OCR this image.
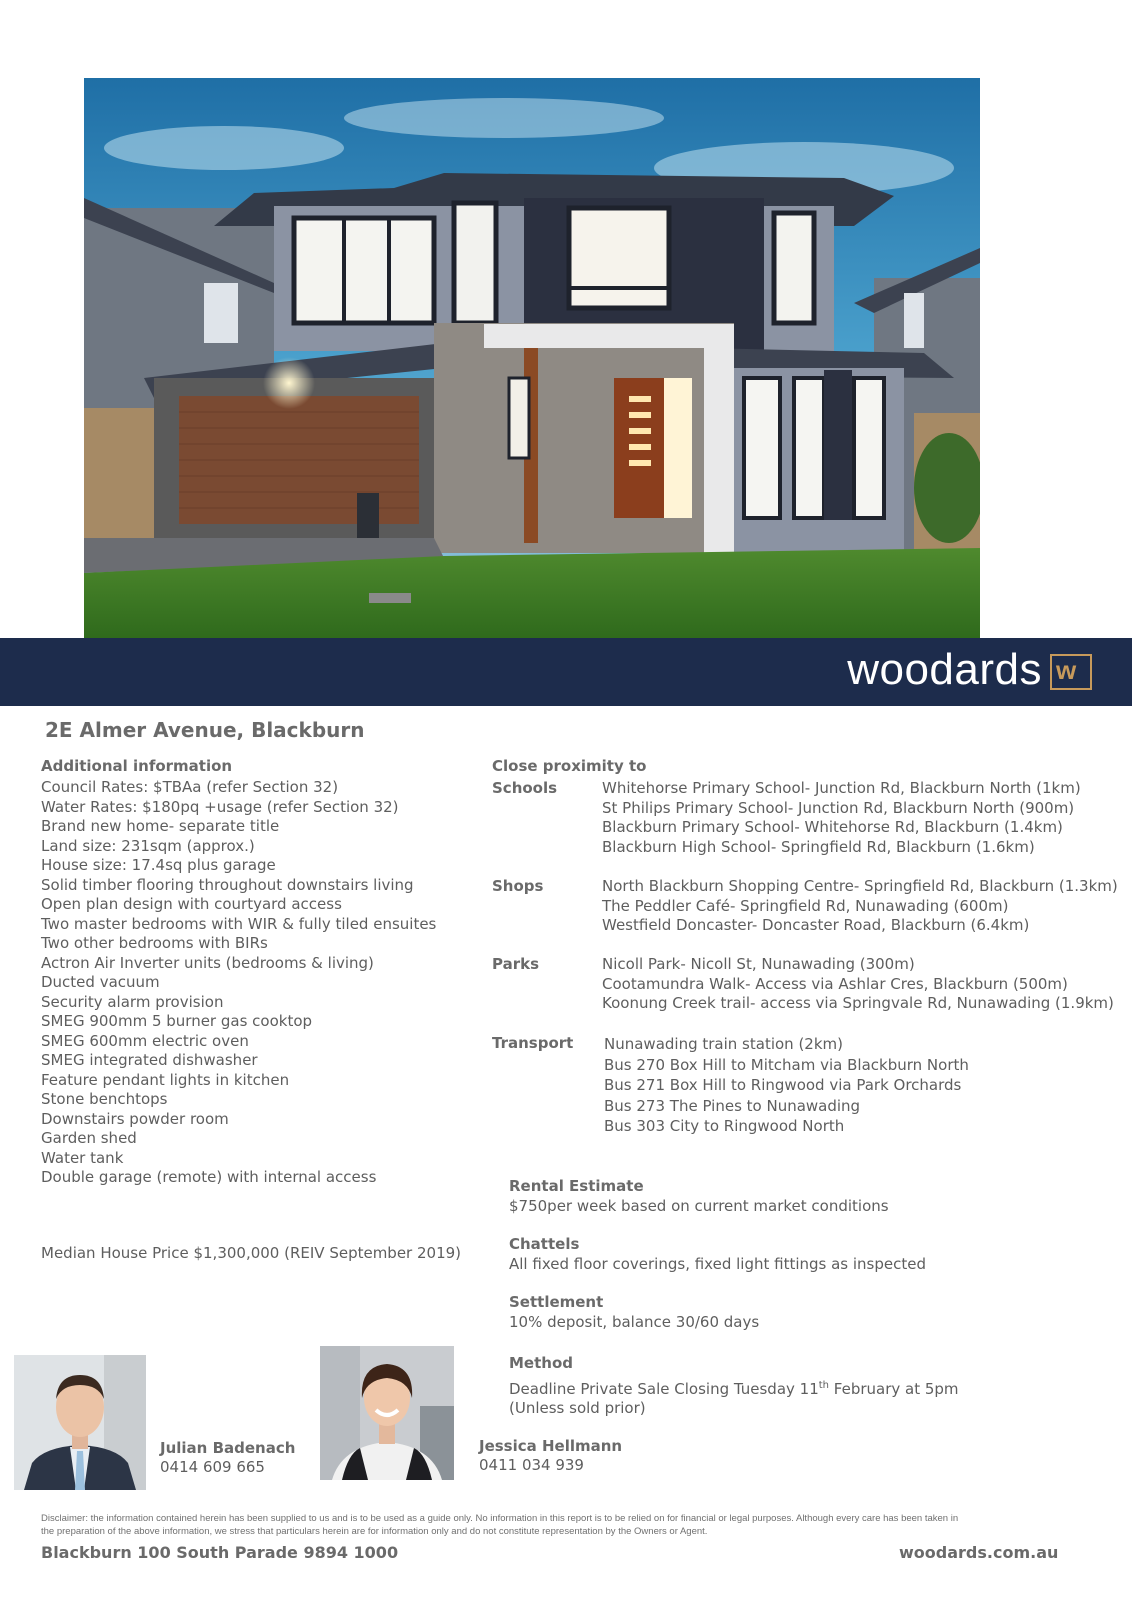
woodards w
2E Almer Avenue, Blackburn
Additional information
Council Rates: $TBAa (refer Section 32)
Water Rates: $180pq +usage (refer Section 32)
Brand new home- separate title
Land size: 231sqm (approx.)
House size: 17.4sq plus garage
Solid timber flooring throughout downstairs living
Open plan design with courtyard access
Two master bedrooms with WIR & fully tiled ensuites
Two other bedrooms with BIRs
Actron Air Inverter units (bedrooms & living)
Ducted vacuum
Security alarm provision
SMEG 900mm 5 burner gas cooktop
SMEG 600mm electric oven
SMEG integrated dishwasher
Feature pendant lights in kitchen
Stone benchtops
Downstairs powder room
Garden shed
Water tank
Double garage (remote) with internal access
Median House Price $1,300,000 (REIV September 2019)
Close proximity to
Schools	Whitehorse Primary School- Junction Rd, Blackburn North (1km)
St Philips Primary School- Junction Rd, Blackburn North (900m)
Blackburn Primary School- Whitehorse Rd, Blackburn (1.4km)
Blackburn High School- Springfield Rd, Blackburn (1.6km)
Shops	North Blackburn Shopping Centre- Springfield Rd, Blackburn (1.3km)
The Peddler Café- Springfield Rd, Nunawading (600m)
Westfield Doncaster- Doncaster Road, Blackburn (6.4km)
Parks	Nicoll Park- Nicoll St, Nunawading (300m)
Cootamundra Walk- Access via Ashlar Cres, Blackburn (500m)
Koonung Creek trail- access via Springvale Rd, Nunawading (1.9km)
Transport Nunawading train station (2km)
Bus 270 Box Hill to Mitcham via Blackburn North
Bus 271 Box Hill to Ringwood via Park Orchards
Bus 273 The Pines to Nunawading
Bus 303 City to Ringwood North
Rental Estimate
$750per week based on current market conditions
Chattels
All fixed floor coverings, fixed light fittings as inspected
Settlement
10% deposit, balance 30/60 days
Method
Deadline Private Sale Closing Tuesday 11th February at 5pm
(Unless sold prior)
Julian Badenach
0414 609 665
Jessica Hellmann
0411 034 939
Disclaimer: the information contained herein has been supplied to us and is to be used as a guide only. No information in this report is to be relied on for financial or legal purposes. Although every care has been taken in
the preparation of the above information, we stress that particulars herein are for information only and do not constitute representation by the Owners or Agent.
Blackburn 100 South Parade 9894 1000	woodards.com.au
